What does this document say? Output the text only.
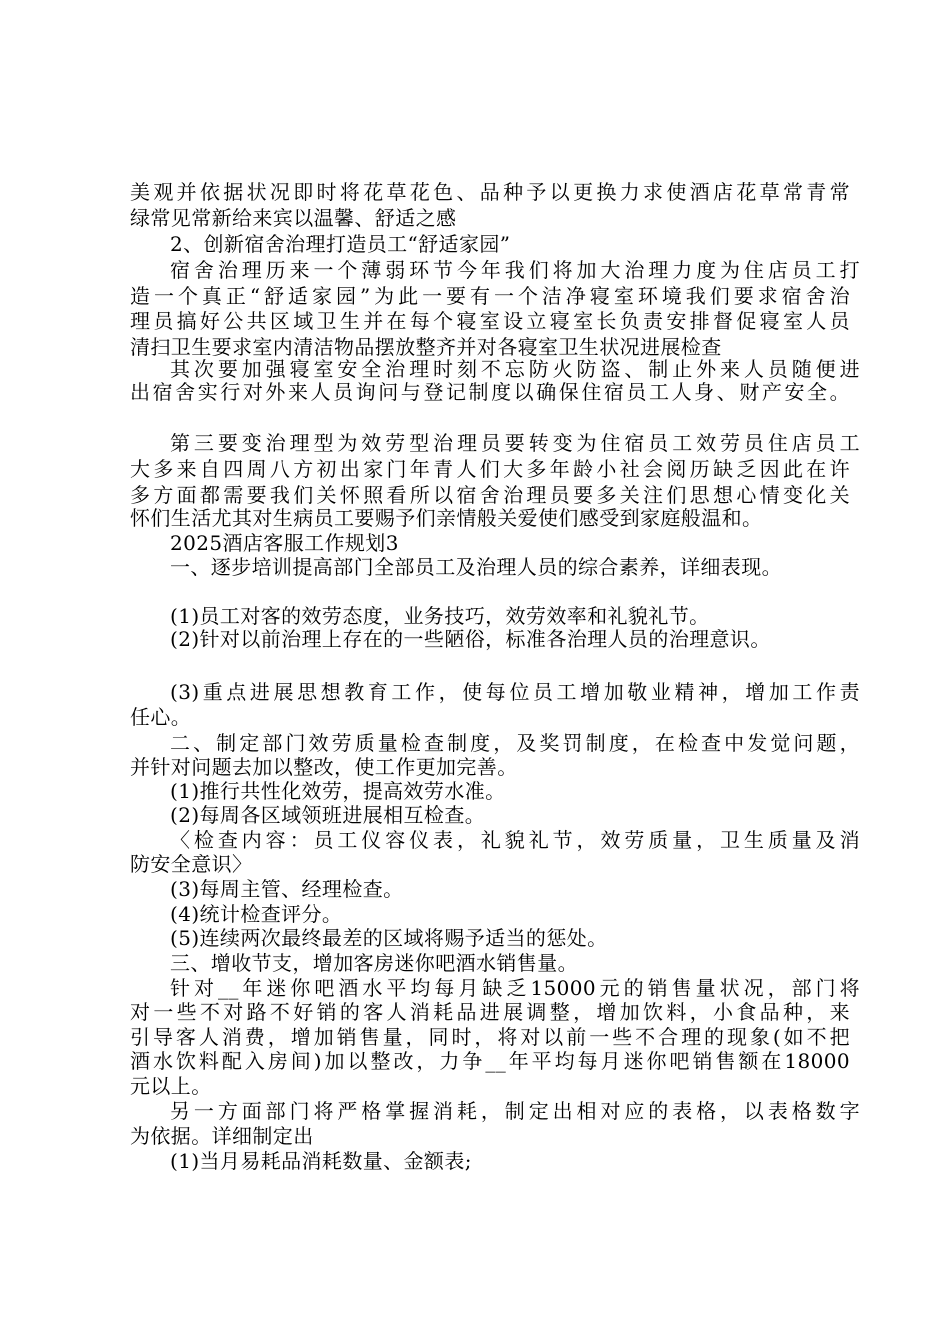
美观并依据状况即时将花草花色、品种予以更换力求使酒店花草常青常
绿常见常新给来宾以温馨、舒适之感
2、创新宿舍治理打造员工“舒适家园”
宿舍治理历来一个薄弱环节今年我们将加大治理力度为住店员工打
造一个真正“舒适家园”为此一要有一个洁净寝室环境我们要求宿舍治
理员搞好公共区域卫生并在每个寝室设立寝室长负责安排督促寝室人员
清扫卫生要求室内清洁物品摆放整齐并对各寝室卫生状况进展检查
其次要加强寝室安全治理时刻不忘防火防盗、制止外来人员随便进
出宿舍实行对外来人员询问与登记制度以确保住宿员工人身、财产安全。
第三要变治理型为效劳型治理员要转变为住宿员工效劳员住店员工
大多来自四周八方初出家门年青人们大多年龄小社会阅历缺乏因此在许
多方面都需要我们关怀照看所以宿舍治理员要多关注们思想心情变化关
怀们生活尤其对生病员工要赐予们亲情般关爱使们感受到家庭般温和。
2025酒店客服工作规划3
一、逐步培训提高部门全部员工及治理人员的综合素养，详细表现。
(1)员工对客的效劳态度，业务技巧，效劳效率和礼貌礼节。
(2)针对以前治理上存在的一些陋俗，标准各治理人员的治理意识。
(3)重点进展思想教育工作，使每位员工增加敬业精神，增加工作责
任心。
二、制定部门效劳质量检查制度，及奖罚制度，在检查中发觉问题，
并针对问题去加以整改，使工作更加完善。
(1)推行共性化效劳，提高效劳水准。
(2)每周各区域领班进展相互检查。
〈检查内容：员工仪容仪表，礼貌礼节，效劳质量，卫生质量及消
防安全意识〉
(3)每周主管、经理检查。
(4)统计检查评分。
(5)连续两次最终最差的区域将赐予适当的惩处。
三、增收节支，增加客房迷你吧酒水销售量。
针对__年迷你吧酒水平均每月缺乏15000元的销售量状况，部门将
对一些不对路不好销的客人消耗品进展调整，增加饮料，小食品种，来
引导客人消费，增加销售量，同时，将对以前一些不合理的现象(如不把
酒水饮料配入房间)加以整改，力争__年平均每月迷你吧销售额在18000
元以上。
另一方面部门将严格掌握消耗，制定出相对应的表格，以表格数字
为依据。详细制定出
(1)当月易耗品消耗数量、金额表;
